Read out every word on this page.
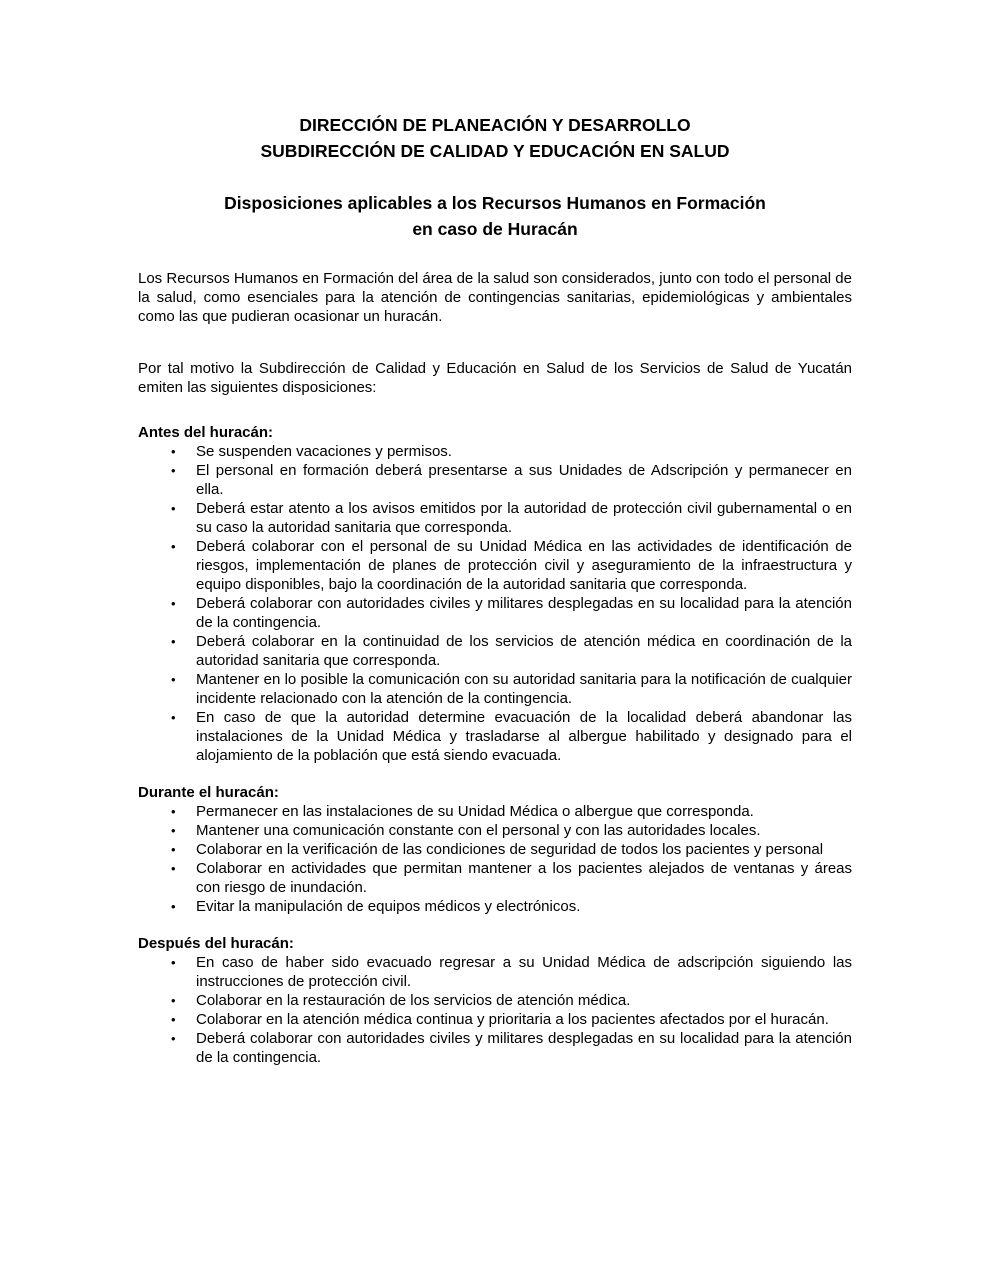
DIRECCIÓN DE PLANEACIÓN Y DESARROLLO
SUBDIRECCIÓN DE CALIDAD Y EDUCACIÓN EN SALUD
Disposiciones aplicables a los Recursos Humanos en Formación
en caso de Huracán

Los Recursos Humanos en Formación del área de la salud son considerados, junto con todo el personal de la salud, como esenciales para la atención de contingencias sanitarias, epidemiológicas y ambientales como las que pudieran ocasionar un huracán.

Por tal motivo la Subdirección de Calidad y Educación en Salud de los Servicios de Salud de Yucatán emiten las siguientes disposiciones:

Antes del huracán:

• Se suspenden vacaciones y permisos.
• El personal en formación deberá presentarse a sus Unidades de Adscripción y permanecer en ella.
• Deberá estar atento a los avisos emitidos por la autoridad de protección civil gubernamental o en su caso la autoridad sanitaria que corresponda.
• Deberá colaborar con el personal de su Unidad Médica en las actividades de identificación de riesgos, implementación de planes de protección civil y aseguramiento de la infraestructura y equipo disponibles, bajo la coordinación de la autoridad sanitaria que corresponda.
• Deberá colaborar con autoridades civiles y militares desplegadas en su localidad para la atención de la contingencia.
• Deberá colaborar en la continuidad de los servicios de atención médica en coordinación de la autoridad sanitaria que corresponda.
• Mantener en lo posible la comunicación con su autoridad sanitaria para la notificación de cualquier incidente relacionado con la atención de la contingencia.
• En caso de que la autoridad determine evacuación de la localidad deberá abandonar las instalaciones de la Unidad Médica y trasladarse al albergue habilitado y designado para el alojamiento de la población que está siendo evacuada.

Durante el huracán:

• Permanecer en las instalaciones de su Unidad Médica o albergue que corresponda.
• Mantener una comunicación constante con el personal y con las autoridades locales.
• Colaborar en la verificación de las condiciones de seguridad de todos los pacientes y personal
• Colaborar en actividades que permitan mantener a los pacientes alejados de ventanas y áreas con riesgo de inundación.
• Evitar la manipulación de equipos médicos y electrónicos.

Después del huracán:

• En caso de haber sido evacuado regresar a su Unidad Médica de adscripción siguiendo las instrucciones de protección civil.
• Colaborar en la restauración de los servicios de atención médica.
• Colaborar en la atención médica continua y prioritaria a los pacientes afectados por el huracán.
• Deberá colaborar con autoridades civiles y militares desplegadas en su localidad para la atención de la contingencia.
